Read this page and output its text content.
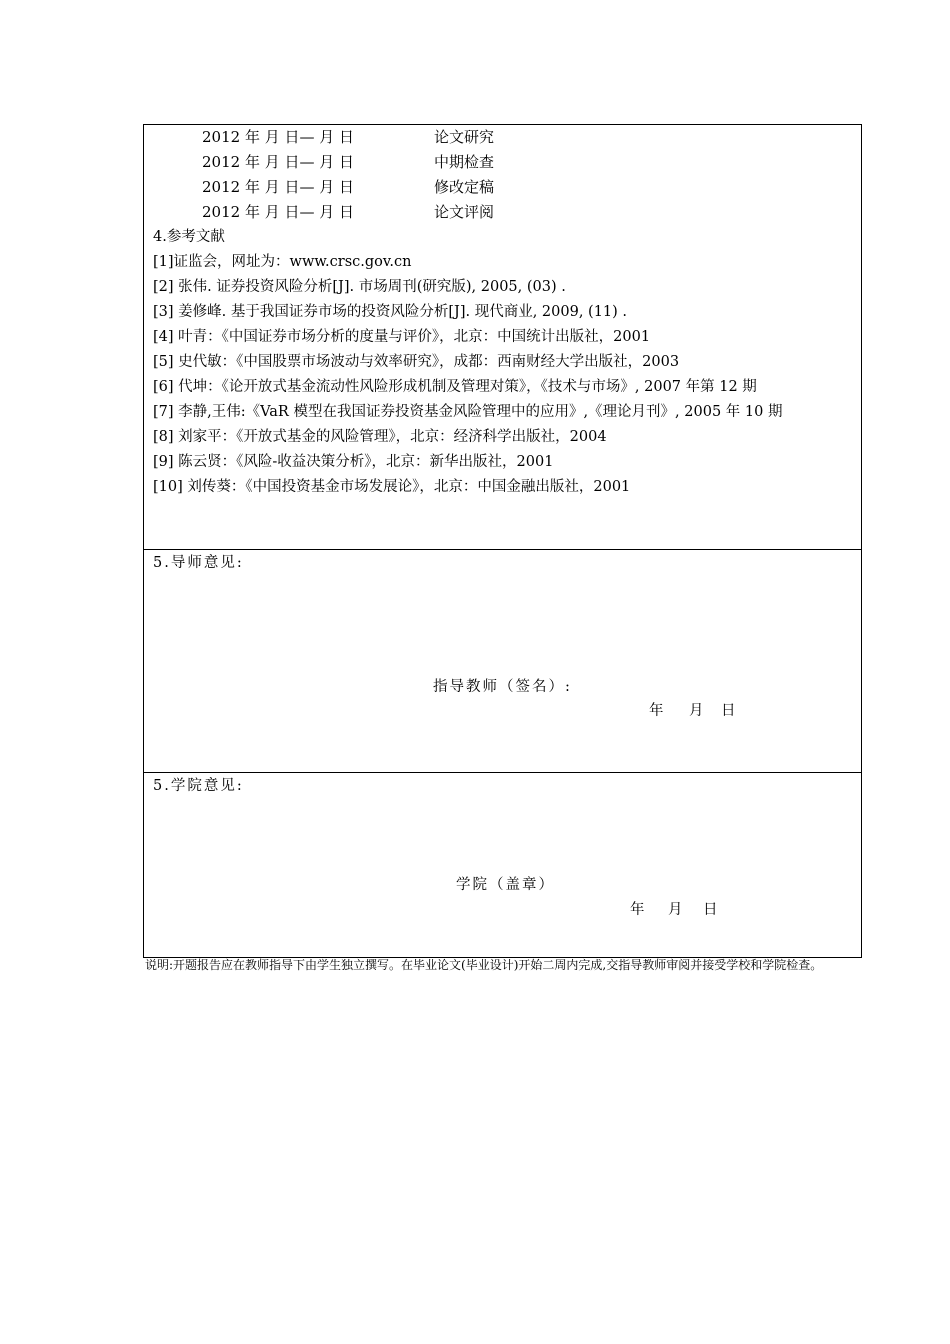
2012 年 月 日— 月 日	论文研究
2012 年 月 日— 月 日	中期检查
2012 年 月 日— 月 日	修改定稿
2012 年 月 日— 月 日	论文评阅
4.参考文献
[1]证监会，网址为：www.crsc.gov.cn
[2] 张伟. 证券投资风险分析[J]. 市场周刊(研究版), 2005, (03) .
[3] 姜修峰. 基于我国证券市场的投资风险分析[J]. 现代商业, 2009, (11) .
[4] 叶青：《中国证券市场分析的度量与评价》，北京：中国统计出版社，2001
[5] 史代敏：《中国股票市场波动与效率研究》，成都：西南财经大学出版社，2003
[6] 代坤：《论开放式基金流动性风险形成机制及管理对策》，《技术与市场》, 2007 年第 12 期
[7] 李静,王伟:《VaR 模型在我国证券投资基金风险管理中的应用》,《理论月刊》, 2005 年 10 期
[8] 刘家平：《开放式基金的风险管理》，北京：经济科学出版社，2004
[9] 陈云贤：《风险-收益决策分析》，北京：新华出版社，2001
[10] 刘传葵：《中国投资基金市场发展论》，北京：中国金融出版社，2001
5.导师意见:
指导教师（签名）:
年 月 日
5.学院意见:
学院（盖章）
年 月 日
说明:开题报告应在教师指导下由学生独立撰写。在毕业论文(毕业设计)开始二周内完成,交指导教师审阅并接受学校和学院检查。
